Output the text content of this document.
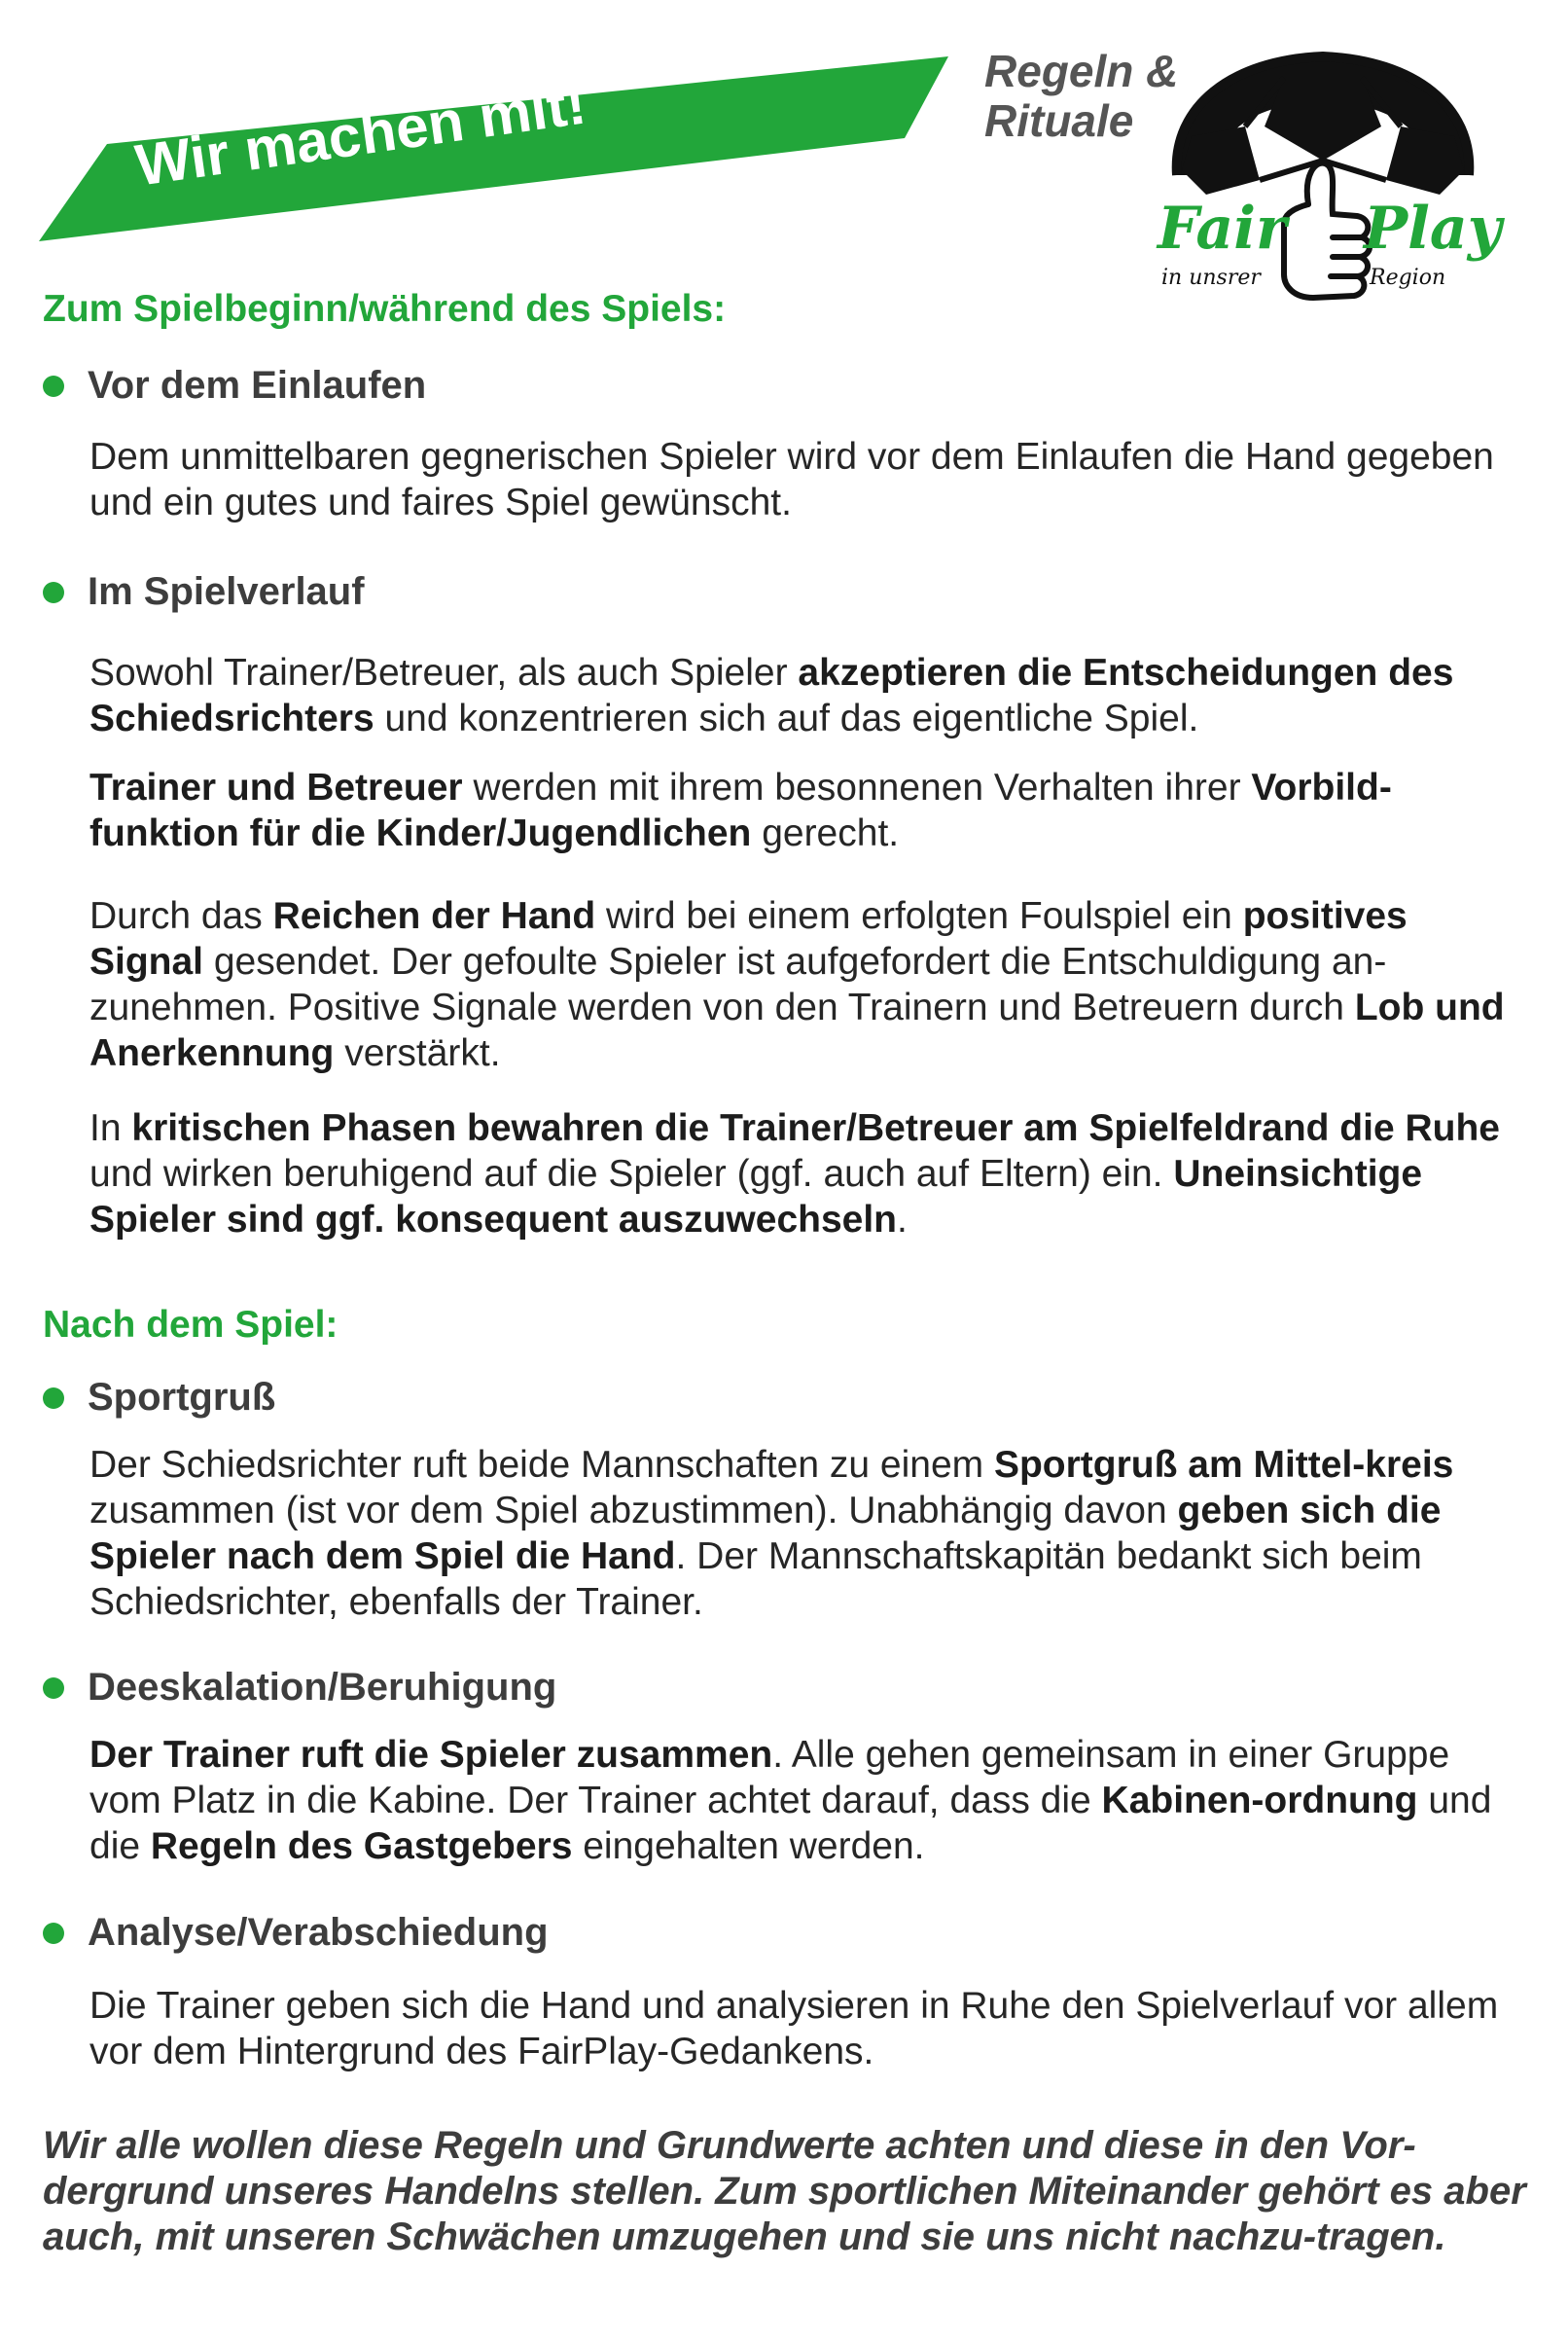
Wir machen mit!	Regeln &
Rituale
Fair Play
in unsrer	Region
Zum Spielbeginn/während des Spiels:
Vor dem Einlaufen
Dem unmittelbaren gegnerischen Spieler wird vor dem Einlaufen die Hand gegeben und ein gutes und faires Spiel gewünscht.
Im Spielverlauf
Sowohl Trainer/Betreuer, als auch Spieler akzeptieren die Entscheidungen des Schiedsrichters und konzentrieren sich auf das eigentliche Spiel.
Trainer und Betreuer werden mit ihrem besonnenen Verhalten ihrer Vorbild-funktion für die Kinder/Jugendlichen gerecht.
Durch das Reichen der Hand wird bei einem erfolgten Foulspiel ein positives Signal gesendet. Der gefoulte Spieler ist aufgefordert die Entschuldigung an-zunehmen. Positive Signale werden von den Trainern und Betreuern durch Lob und Anerkennung verstärkt.
In kritischen Phasen bewahren die Trainer/Betreuer am Spielfeldrand die Ruhe und wirken beruhigend auf die Spieler (ggf. auch auf Eltern) ein. Uneinsichtige Spieler sind ggf. konsequent auszuwechseln.
Nach dem Spiel:
Sportgruß
Der Schiedsrichter ruft beide Mannschaften zu einem Sportgruß am Mittel-kreis zusammen (ist vor dem Spiel abzustimmen). Unabhängig davon geben sich die Spieler nach dem Spiel die Hand. Der Mannschaftskapitän bedankt sich beim Schiedsrichter, ebenfalls der Trainer.
Deeskalation/Beruhigung
Der Trainer ruft die Spieler zusammen. Alle gehen gemeinsam in einer Gruppe vom Platz in die Kabine. Der Trainer achtet darauf, dass die Kabinen-ordnung und die Regeln des Gastgebers eingehalten werden.
Analyse/Verabschiedung
Die Trainer geben sich die Hand und analysieren in Ruhe den Spielverlauf vor allem vor dem Hintergrund des FairPlay-Gedankens.
Wir alle wollen diese Regeln und Grundwerte achten und diese in den Vor-dergrund unseres Handelns stellen. Zum sportlichen Miteinander gehört es aber auch, mit unseren Schwächen umzugehen und sie uns nicht nachzu-tragen.
